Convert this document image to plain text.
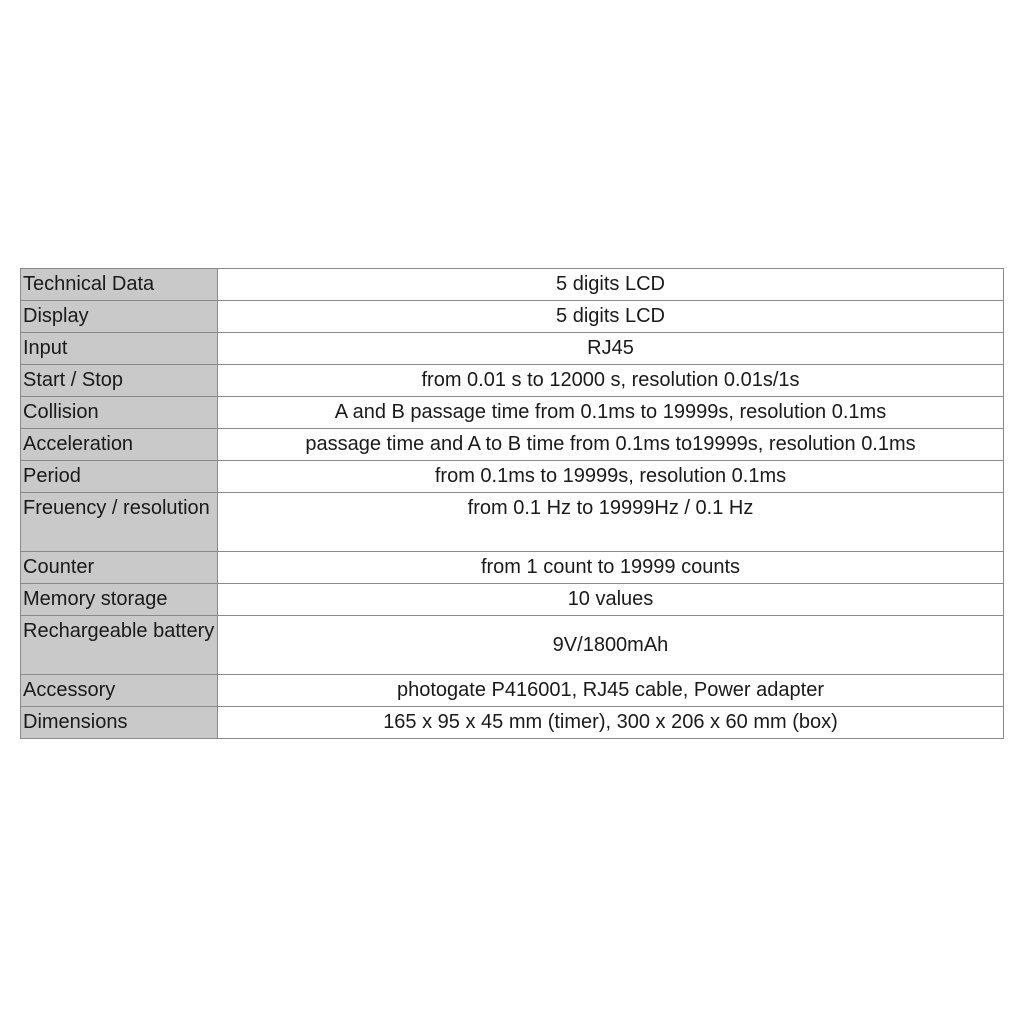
Technical Data	5 digits LCD
Display	5 digits LCD
Input	RJ45
Start / Stop	from 0.01 s to 12000 s, resolution 0.01s/1s
Collision	A and B passage time from 0.1ms to 19999s, resolution 0.1ms
Acceleration	passage time and A to B time from 0.1ms to19999s, resolution 0.1ms
Period	from 0.1ms to 19999s, resolution 0.1ms
Freuency / resolution	from 0.1 Hz to 19999Hz / 0.1 Hz
Counter	from 1 count to 19999 counts
Memory storage	10 values
Rechargeable battery	9V/1800mAh
Accessory	photogate P416001, RJ45 cable, Power adapter
Dimensions	165 x 95 x 45 mm (timer), 300 x 206 x 60 mm (box)
